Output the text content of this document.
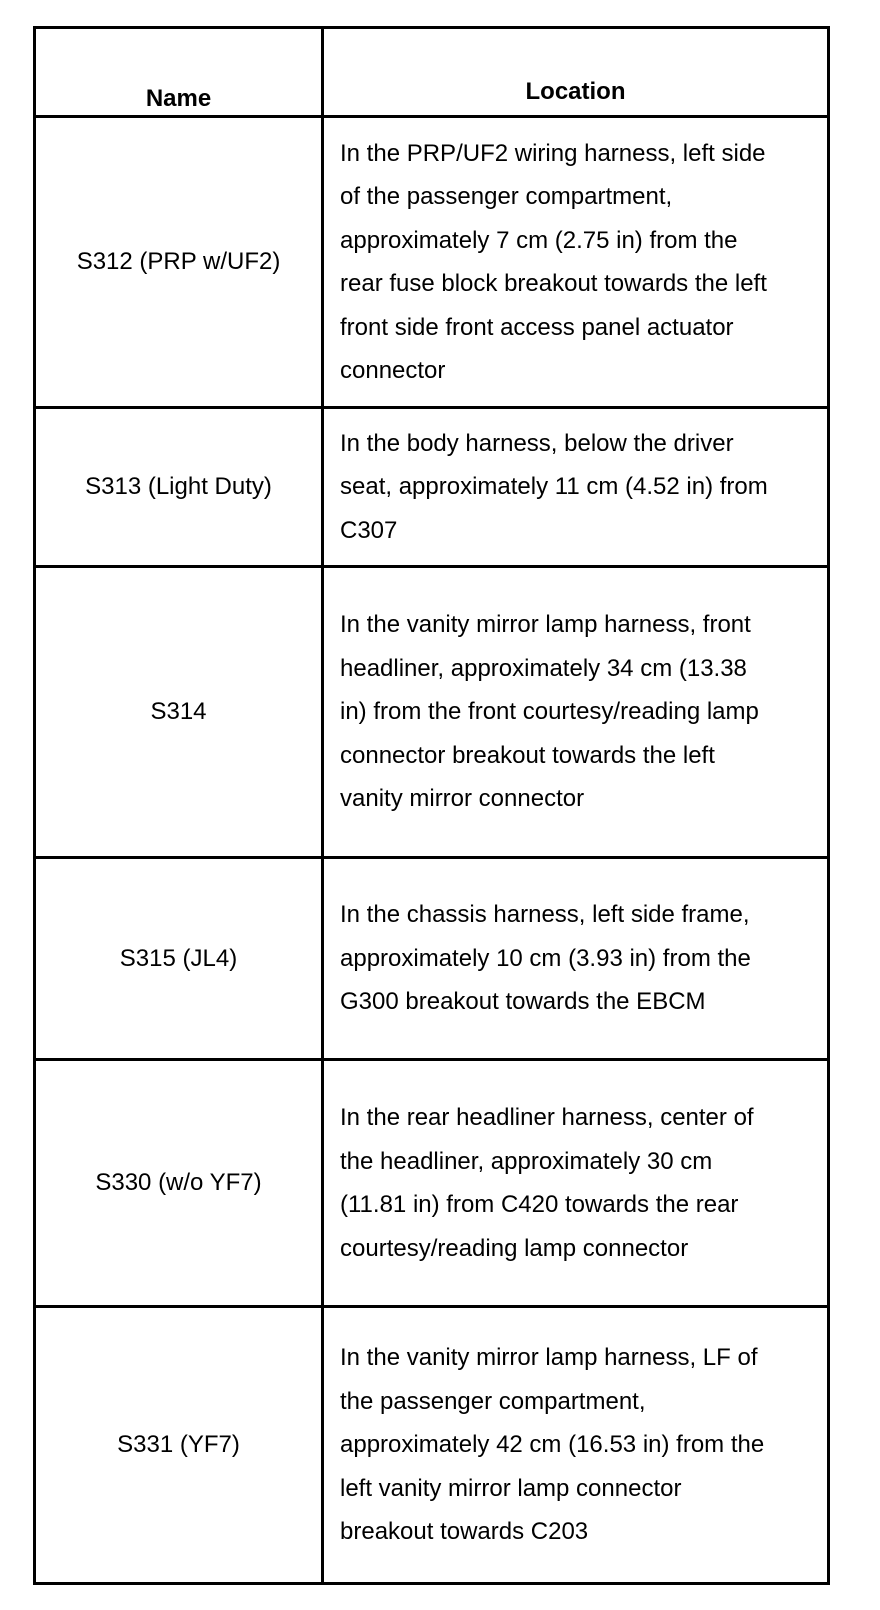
Name	Location
S312 (PRP w/UF2)
In the PRP/UF2 wiring harness, left side of the passenger compartment, approximately 7 cm (2.75 in) from the rear fuse block breakout towards the left front side front access panel actuator connector
S313 (Light Duty)
In the body harness, below the driver seat, approximately 11 cm (4.52 in) from C307
S314
In the vanity mirror lamp harness, front headliner, approximately 34 cm (13.38 in) from the front courtesy/reading lamp connector breakout towards the left vanity mirror connector
S315 (JL4)
In the chassis harness, left side frame, approximately 10 cm (3.93 in) from the G300 breakout towards the EBCM
S330 (w/o YF7)
In the rear headliner harness, center of the headliner, approximately 30 cm (11.81 in) from C420 towards the rear courtesy/reading lamp connector
S331 (YF7)
In the vanity mirror lamp harness, LF of the passenger compartment, approximately 42 cm (16.53 in) from the left vanity mirror lamp connector breakout towards C203
